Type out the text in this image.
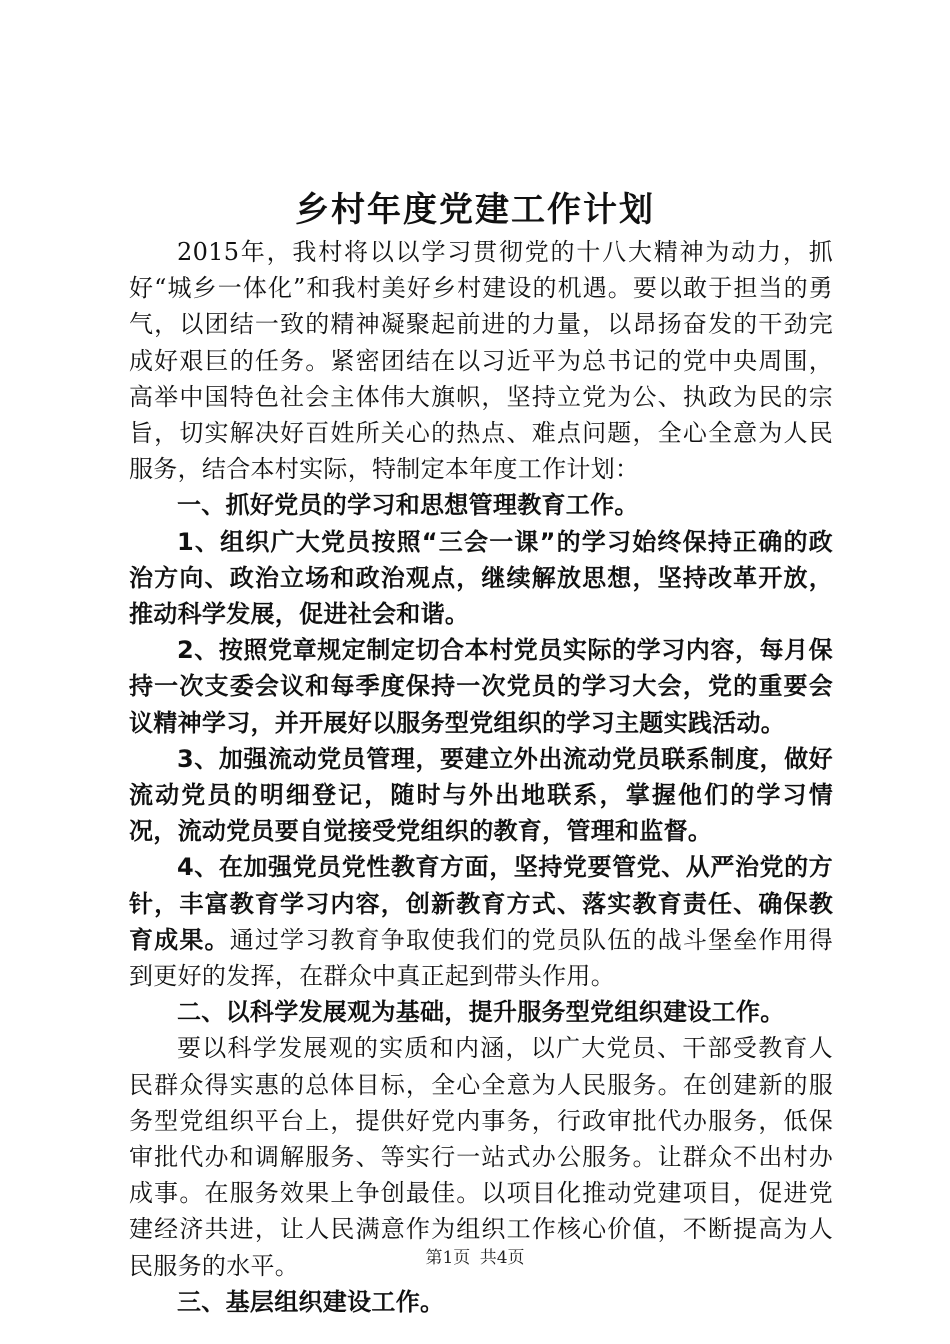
乡村年度党建工作计划

2015年，我村将以以学习贯彻党的十八大精神为动力，抓好“城乡一体化”和我村美好乡村建设的机遇。要以敢于担当的勇气，以团结一致的精神凝聚起前进的力量，以昂扬奋发的干劲完成好艰巨的任务。紧密团结在以习近平为总书记的党中央周围，高举中国特色社会主体伟大旗帜，坚持立党为公、执政为民的宗旨，切实解决好百姓所关心的热点、难点问题，全心全意为人民服务，结合本村实际，特制定本年度工作计划：

一、抓好党员的学习和思想管理教育工作。

1、组织广大党员按照“三会一课”的学习始终保持正确的政治方向、政治立场和政治观点，继续解放思想，坚持改革开放，推动科学发展，促进社会和谐。

2、按照党章规定制定切合本村党员实际的学习内容，每月保持一次支委会议和每季度保持一次党员的学习大会，党的重要会议精神学习，并开展好以服务型党组织的学习主题实践活动。

3、加强流动党员管理，要建立外出流动党员联系制度，做好流动党员的明细登记，随时与外出地联系，掌握他们的学习情况，流动党员要自觉接受党组织的教育，管理和监督。

4、在加强党员党性教育方面，坚持党要管党、从严治党的方针，丰富教育学习内容，创新教育方式、落实教育责任、确保教育成果。通过学习教育争取使我们的党员队伍的战斗堡垒作用得到更好的发挥，在群众中真正起到带头作用。

二、以科学发展观为基础，提升服务型党组织建设工作。

要以科学发展观的实质和内涵，以广大党员、干部受教育人民群众得实惠的总体目标，全心全意为人民服务。在创建新的服务型党组织平台上，提供好党内事务，行政审批代办服务，低保审批代办和调解服务、等实行一站式办公服务。让群众不出村办成事。在服务效果上争创最佳。以项目化推动党建项目，促进党建经济共进，让人民满意作为组织工作核心价值，不断提高为人民服务的水平。

三、基层组织建设工作。

第1页 共4页
